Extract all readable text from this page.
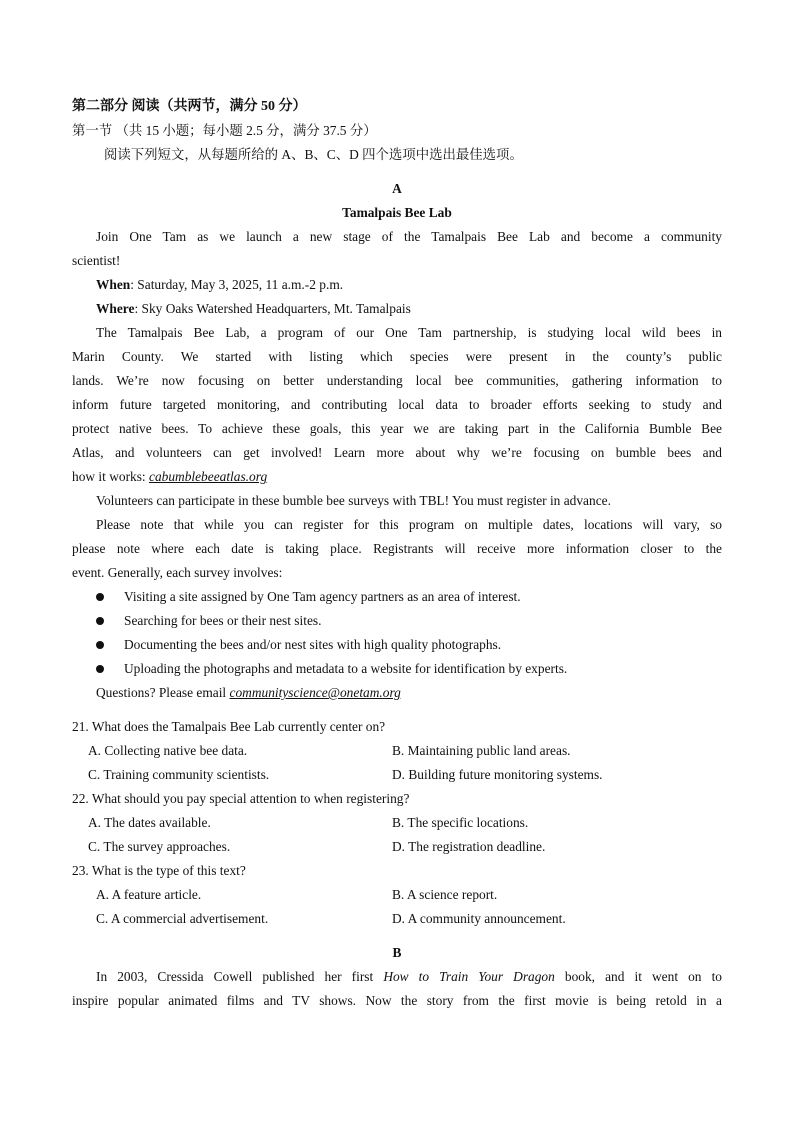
第二部分 阅读（共两节，满分 50 分）
第一节 （共 15 小题；每小题 2.5 分，满分 37.5 分）
阅读下列短文，从每题所给的 A、B、C、D 四个选项中选出最佳选项。
A
Tamalpais Bee Lab
Join One Tam as we launch a new stage of the Tamalpais Bee Lab and become a community
scientist!
When: Saturday, May 3, 2025, 11 a.m.-2 p.m.
Where: Sky Oaks Watershed Headquarters, Mt. Tamalpais
The Tamalpais Bee Lab, a program of our One Tam partnership, is studying local wild bees in
Marin County. We started with listing which species were present in the county’s public
lands. We’re now focusing on better understanding local bee communities, gathering information to
inform future targeted monitoring, and contributing local data to broader efforts seeking to study and
protect native bees. To achieve these goals, this year we are taking part in the California Bumble Bee
Atlas, and volunteers can get involved! Learn more about why we’re focusing on bumble bees and
how it works: cabumblebeeatlas.org
Volunteers can participate in these bumble bee surveys with TBL! You must register in advance.
Please note that while you can register for this program on multiple dates, locations will vary, so
please note where each date is taking place. Registrants will receive more information closer to the
event. Generally, each survey involves:
Visiting a site assigned by One Tam agency partners as an area of interest.
Searching for bees or their nest sites.
Documenting the bees and/or nest sites with high quality photographs.
Uploading the photographs and metadata to a website for identification by experts.
Questions? Please email communityscience@onetam.org
21. What does the Tamalpais Bee Lab currently center on?
A. Collecting native bee data.	B. Maintaining public land areas.
C. Training community scientists.	D. Building future monitoring systems.
22. What should you pay special attention to when registering?
A. The dates available.	B. The specific locations.
C. The survey approaches.	D. The registration deadline.
23. What is the type of this text?
A. A feature article.	B. A science report.
C. A commercial advertisement.	D. A community announcement.
B
In 2003, Cressida Cowell published her first How to Train Your Dragon book, and it went on to
inspire popular animated films and TV shows. Now the story from the first movie is being retold in a
